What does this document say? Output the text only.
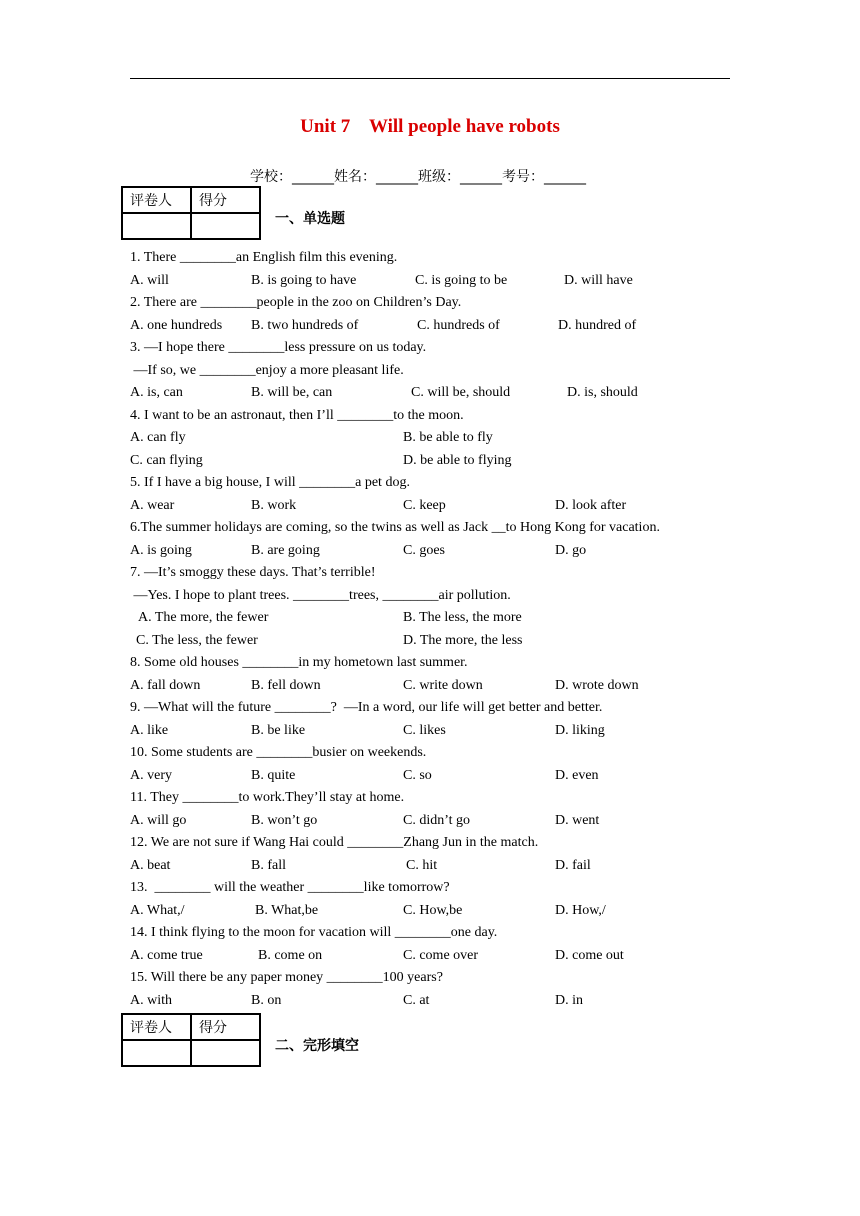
Unit 7    Will people have robots
学校：______姓名：______班级：______考号：______
评卷人	得分

一、单选题
1. There ________an English film this evening.
A. will	B. is going to have	C. is going to be	D. will have
2. There are ________people in the zoo on Children’s Day.
A. one hundreds B. two hundreds of	C. hundreds of	D. hundred of
3. —I hope there ________less pressure on us today.
—If so, we ________enjoy a more pleasant life.
A. is, can	B. will be, can	C. will be, should	D. is, should
4. I want to be an astronaut, then I’ll ________to the moon.
A. can fly	B. be able to fly
C. can flying	D. be able to flying
5. If I have a big house, I will ________a pet dog.
A. wear	B. work	C. keep	D. look after
6.The summer holidays are coming, so the twins as well as Jack __to Hong Kong for vacation.
A. is going	B. are going	C. goes	D. go
7. —It’s smoggy these days. That’s terrible!
—Yes. I hope to plant trees. ________trees, ________air pollution.
A. The more, the fewer	B. The less, the more
C. The less, the fewer	D. The more, the less
8. Some old houses ________in my hometown last summer.
A. fall down	B. fell down	C. write down	D. wrote down
9. —What will the future ________?  —In a word, our life will get better and better.
A. like	B. be like	C. likes	D. liking
10. Some students are ________busier on weekends.
A. very	B. quite	C. so	D. even
11. They ________to work.They’ll stay at home.
A. will go	B. won’t go	C. didn’t go	D. went
12. We are not sure if Wang Hai could ________Zhang Jun in the match.
A. beat	B. fall	C. hit	D. fail
13.  ________ will the weather ________like tomorrow?
A. What,/	B. What,be	C. How,be	D. How,/
14. I think flying to the moon for vacation will ________one day.
A. come true	B. come on	C. come over	D. come out
15. Will there be any paper money ________100 years?
A. with	B. on	C. at	D. in
评卷人	得分

二、完形填空
